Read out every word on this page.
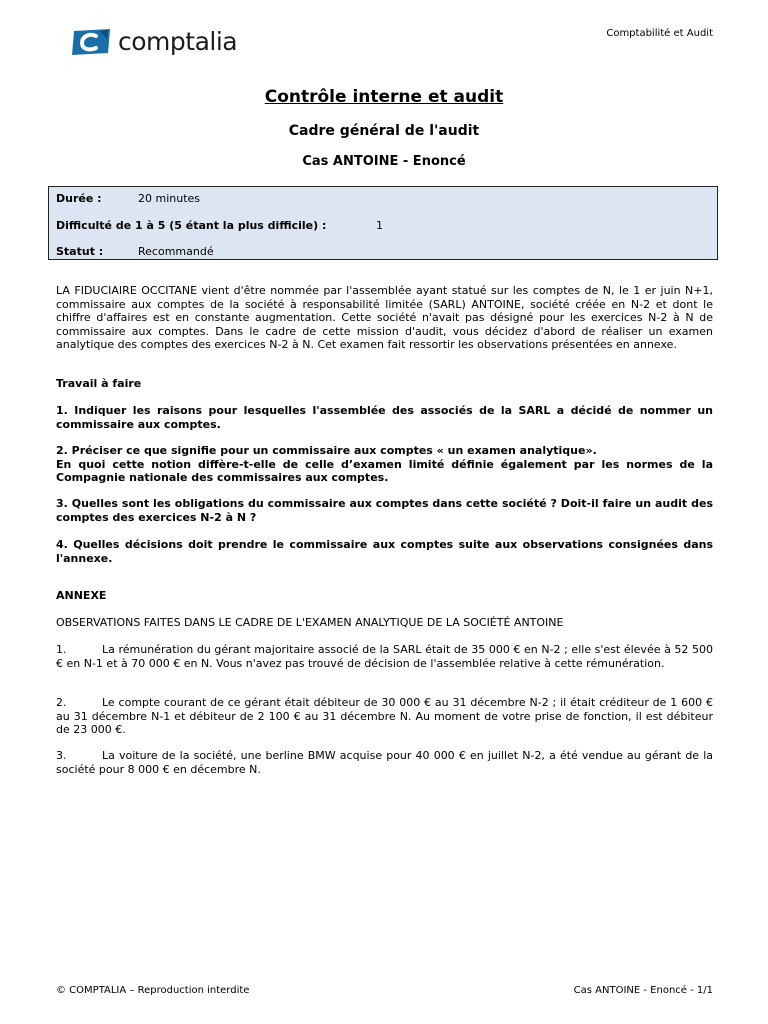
comptalia	Comptabilité et Audit
Contrôle interne et audit
Cadre général de l'audit
Cas ANTOINE - Enoncé
Durée :	20 minutes
Difficulté de 1 à 5 (5 étant la plus difficile) :	1
Statut :	Recommandé
LA FIDUCIAIRE OCCITANE vient d'être nommée par l'assemblée ayant statué sur les comptes de N, le 1 er juin N+1, commissaire aux comptes de la société à responsabilité limitée (SARL) ANTOINE, société créée en N-2 et dont le chiffre d'affaires est en constante augmentation. Cette société n'avait pas désigné pour les exercices N-2 à N de commissaire aux comptes. Dans le cadre de cette mission d'audit, vous décidez d'abord de réaliser un examen analytique des comptes des exercices N-2 à N. Cet examen fait ressortir les observations présentées en annexe.
Travail à faire
1. Indiquer les raisons pour lesquelles l'assemblée des associés de la SARL a décidé de nommer un commissaire aux comptes.

2. Préciser ce que signifie pour un commissaire aux comptes « un examen analytique».

En quoi cette notion diffère-t-elle de celle d’examen limité définie également par les normes de la Compagnie nationale des commissaires aux comptes.

3. Quelles sont les obligations du commissaire aux comptes dans cette société ? Doit-il faire un audit des comptes des exercices N-2 à N ?
4. Quelles décisions doit prendre le commissaire aux comptes suite aux observations consignées dans l'annexe.
ANNEXE
OBSERVATIONS FAITES DANS LE CADRE DE L'EXAMEN ANALYTIQUE DE LA SOCIÉTÉ ANTOINE
1.	La rémunération du gérant majoritaire associé de la SARL était de 35 000 € en N-2 ; elle s'est élevée à 52 500 € en N-1 et à 70 000 € en N. Vous n'avez pas trouvé de décision de l'assemblée relative à cette rémunération.
2.	Le compte courant de ce gérant était débiteur de 30 000 € au 31 décembre N-2 ; il était créditeur de 1 600 € au 31 décembre N-1 et débiteur de 2 100 € au 31 décembre N. Au moment de votre prise de fonction, il est débiteur de 23 000 €.
3.	La voiture de la société, une berline BMW acquise pour 40 000 € en juillet N-2, a été vendue au gérant de la société pour 8 000 € en décembre N.
© COMPTALIA – Reproduction interdite	Cas ANTOINE - Enoncé - 1/1
